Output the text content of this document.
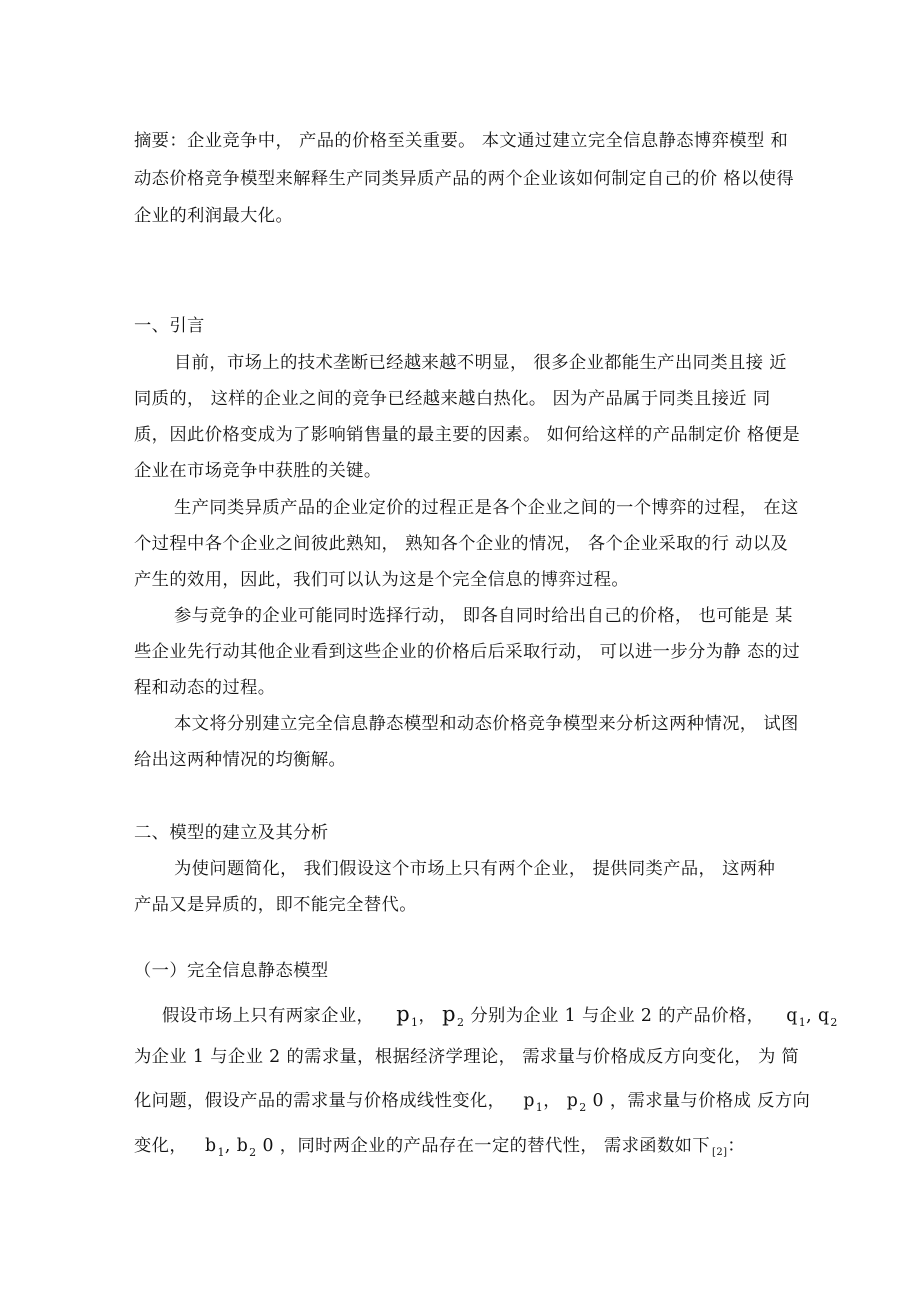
摘要：企业竞争中， 产品的价格至关重要。 本文通过建立完全信息静态博弈模型 和
动态价格竞争模型来解释生产同类异质产品的两个企业该如何制定自己的价 格以使得
企业的利润最大化。
一、引言
目前，市场上的技术垄断已经越来越不明显， 很多企业都能生产出同类且接 近
同质的， 这样的企业之间的竞争已经越来越白热化。 因为产品属于同类且接近 同
质，因此价格变成为了影响销售量的最主要的因素。 如何给这样的产品制定价 格便是
企业在市场竞争中获胜的关键。
生产同类异质产品的企业定价的过程正是各个企业之间的一个博弈的过程， 在这
个过程中各个企业之间彼此熟知， 熟知各个企业的情况， 各个企业采取的行 动以及
产生的效用，因此，我们可以认为这是个完全信息的博弈过程。
参与竞争的企业可能同时选择行动， 即各自同时给出自己的价格， 也可能是 某
些企业先行动其他企业看到这些企业的价格后后采取行动， 可以进一步分为静 态的过
程和动态的过程。
本文将分别建立完全信息静态模型和动态价格竞争模型来分析这两种情况， 试图
给出这两种情况的均衡解。
二、模型的建立及其分析
为使问题简化， 我们假设这个市场上只有两个企业， 提供同类产品， 这两种
产品又是异质的，即不能完全替代。
（一）完全信息静态模型
假设市场上只有两家企业， $p_1$， $p_2$ 分别为企业 1 与企业 2 的产品价格， $q_1$, $q_2$
为企业 1 与企业 2 的需求量，根据经济学理论， 需求量与价格成反方向变化， 为 简
化问题，假设产品的需求量与价格成线性变化， $p_1$， $p_2$ 0 ，需求量与价格成 反方向
变化， $b_1$, $b_2$ 0 ，同时两企业的产品存在一定的替代性， 需求函数如下 $_{[2]}$：
